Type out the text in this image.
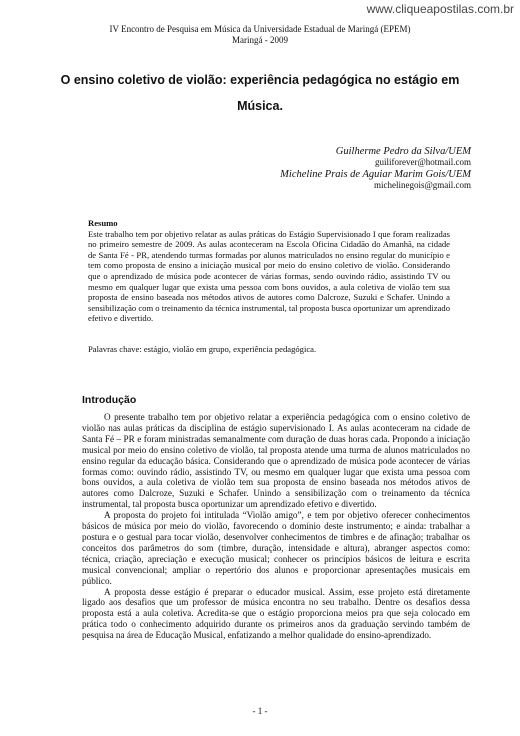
www.cliqueapostilas.com.br
IV Encontro de Pesquisa em Música da Universidade Estadual de Maringá (EPEM)
Maringá - 2009
O ensino coletivo de violão: experiência pedagógica no estágio em Música.
Guilherme Pedro da Silva/UEM
guiliforever@hotmail.com
Micheline Prais de Aguiar Marim Gois/UEM
michelinegois@gmail.com
Resumo
Este trabalho tem por objetivo relatar as aulas práticas do Estágio Supervisionado I que foram realizadas no primeiro semestre de 2009. As aulas aconteceram na Escola Oficina Cidadão do Amanhã, na cidade de Santa Fé - PR, atendendo turmas formadas por alunos matriculados no ensino regular do município e tem como proposta de ensino a iniciação musical por meio do ensino coletivo de violão. Considerando que o aprendizado de música pode acontecer de várias formas, sendo ouvindo rádio, assistindo TV ou mesmo em qualquer lugar que exista uma pessoa com bons ouvidos, a aula coletiva de violão tem sua proposta de ensino baseada nos métodos ativos de autores como Dalcroze, Suzuki e Schafer. Unindo a sensibilização com o treinamento da técnica instrumental, tal proposta busca oportunizar um aprendizado efetivo e divertido.
Palavras chave: estágio, violão em grupo, experiência pedagógica.
Introdução

O presente trabalho tem por objetivo relatar a experiência pedagógica com o ensino coletivo de violão nas aulas práticas da disciplina de estágio supervisionado I. As aulas aconteceram na cidade de Santa Fé – PR e foram ministradas semanalmente com duração de duas horas cada. Propondo a iniciação musical por meio do ensino coletivo de violão, tal proposta atende uma turma de alunos matriculados no ensino regular da educação básica. Considerando que o aprendizado de música pode acontecer de várias formas como: ouvindo rádio, assistindo TV, ou mesmo em qualquer lugar que exista uma pessoa com bons ouvidos, a aula coletiva de violão tem sua proposta de ensino baseada nos métodos ativos de autores como Dalcroze, Suzuki e Schafer. Unindo a sensibilização com o treinamento da técnica instrumental, tal proposta busca oportunizar um aprendizado efetivo e divertido.

A proposta do projeto foi intitulada “Violão amigo”, e tem por objetivo oferecer conhecimentos básicos de música por meio do violão, favorecendo o domínio deste instrumento; e ainda: trabalhar a postura e o gestual para tocar violão, desenvolver conhecimentos de timbres e de afinação; trabalhar os conceitos dos parâmetros do som (timbre, duração, intensidade e altura), abranger aspectos como: técnica, criação, apreciação e execução musical; conhecer os princípios básicos de leitura e escrita musical convencional; ampliar o repertório dos alunos e proporcionar apresentações musicais em público.

A proposta desse estágio é preparar o educador musical. Assim, esse projeto está diretamente ligado aos desafios que um professor de música encontra no seu trabalho. Dentre os desafios dessa proposta está a aula coletiva. Acredita-se que o estágio proporciona meios pra que seja colocado em prática todo o conhecimento adquirido durante os primeiros anos da graduação servindo também de pesquisa na área de Educação Musical, enfatizando a melhor qualidade do ensino-aprendizado.

- 1 -
